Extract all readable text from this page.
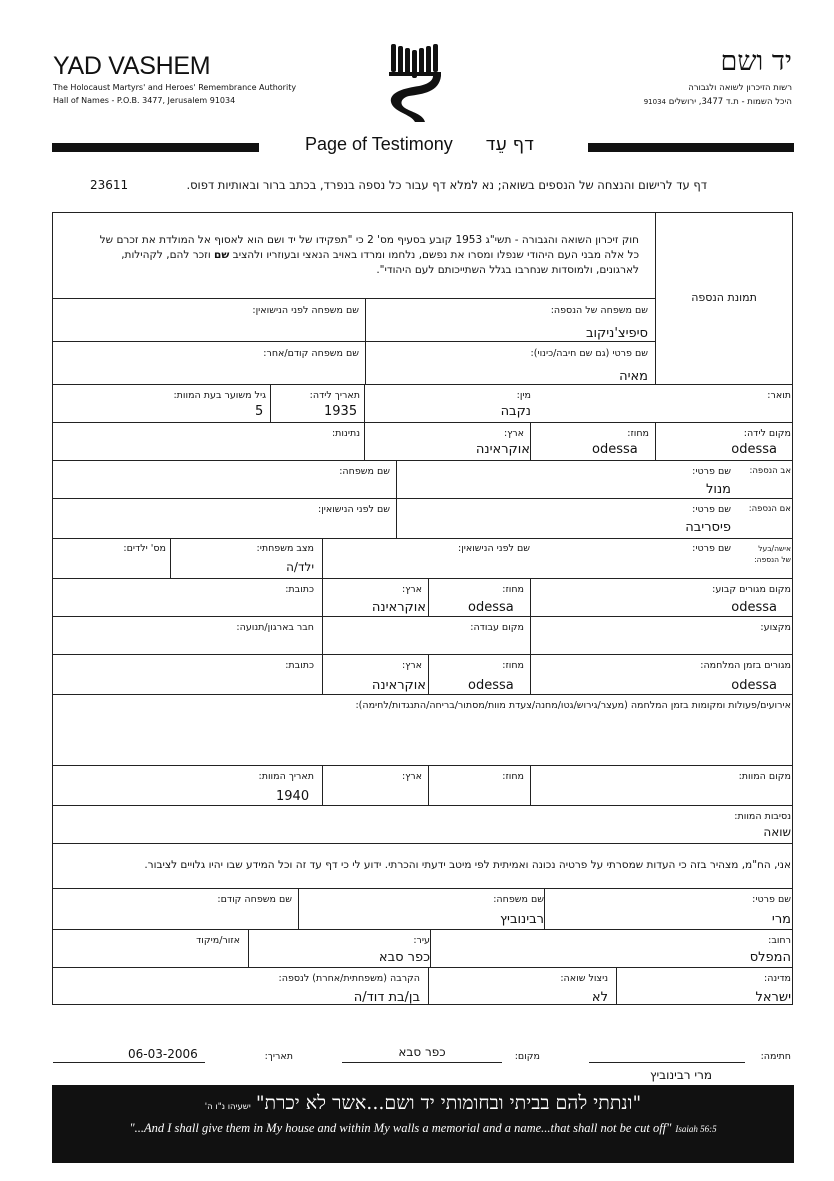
YAD VASHEM
The Holocaust Martyrs' and Heroes' Remembrance Authority
Hall of Names - P.O.B. 3477, Jerusalem 91034
יד ושם
רשות הזיכרון לשואה ולגבורה
היכל השמות - ת.ד 3477, ירושלים 91034
Page of Testimony	דף עֵד
דף עד לרישום והנצחה של הנספים בשואה; נא למלא דף עבור כל נספה בנפרד, בכתב ברור ובאותיות דפוס.
23611
חוק זיכרון השואה והגבורה - תשי"ג 1953 קובע בסעיף מס' 2 כי "תפקידו של יד ושם הוא לאסוף אל המולדת את זכרם של
כל אלה מבני העם היהודי שנפלו ומסרו את נפשם, נלחמו ומרדו באויב הנאצי ובעוזריו ולהציב שם וזכר להם, לקהילות,
לארגונים, ולמוסדות שנחרבו בגלל השתייכותם לעם היהודי".
תמונת הנספה
שם משפחה של הנספה:
סיפיצ'ניקוב
שם משפחה לפני הנישואין:
שם פרטי (גם שם חיבה/כינוי):
מאיה
שם משפחה קודם/אחר:
תואר:
מין:
נקבה
תאריך לידה:
1935
גיל משוער בעת המוות:
5
מקום לידה:
odessa
מחוז:
odessa
ארץ:
אוקראינה
נתינות:
אב הנספה:
שם פרטי:
מנול
שם משפחה:
אם הנספה:
שם פרטי:
פיסריבה
שם לפני הנישואין:
אישה/בעל
של הנספה:
שם פרטי:
שם לפני הנישואין:
מצב משפחתי:
ילד/ה
מס' ילדים:
מקום מגורים קבוע:
odessa
מחוז:
odessa
ארץ:
אוקראינה
כתובת:
מקצוע:
מקום עבודה:
חבר בארגון/תנועה:
מגורים בזמן המלחמה:
odessa
מחוז:
odessa
ארץ:
אוקראינה
כתובת:
אירועים/פעולות ומקומות בזמן המלחמה (מעצר/גירוש/גטו/מחנה/צעדת מוות/מסתור/בריחה/התנגדות/לחימה):
מקום המוות:
מחוז:
ארץ:
תאריך המוות:
1940
נסיבות המוות:
שואה
אני, הח"מ, מצהיר בזה כי העדות שמסרתי על פרטיה נכונה ואמיתית לפי מיטב ידעתי והכרתי. ידוע לי כי דף עד זה וכל המידע שבו יהיו גלויים לציבור.
שם פרטי:
מרי
שם משפחה:
רבינוביץ
שם משפחה קודם:
רחוב:
המפלס
עיר:
כפר סבא
אזור/מיקוד
מדינה:
ישראל
ניצול שואה:
לא
הקרבה (משפחתית/אחרת) לנספה:
בן/בת דוד/ה
חתימה:
מרי רבינוביץ
מקום:
כפר סבא
תאריך:
06-03-2006
"ונתתי להם בביתי ובחומותי יד ושם...אשר לא יכרת" ישעיהו נ"ו ה'
"...And I shall give them in My house and within My walls a memorial and a name...that shall not be cut off" Isaiah 56:5
